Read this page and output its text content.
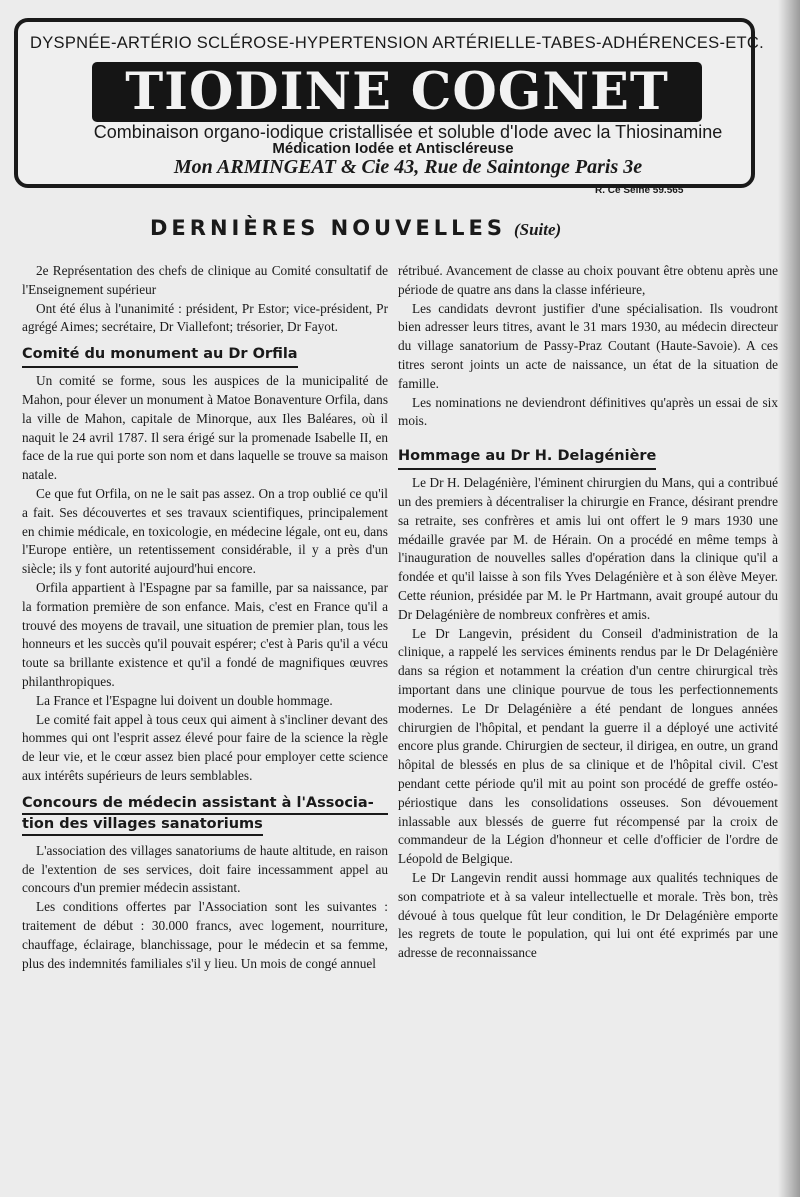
DYSPNÉE-ARTÉRIO SCLÉROSE-HYPERTENSION ARTÉRIELLE-TABES-ADHÉRENCES-ETC.
TIODINE COGNET
Combinaison organo-iodique cristallisée et soluble d'Iode avec la Thiosinamine
Médication Iodée et Antiscléreuse
Mon ARMINGEAT & Cie 43, Rue de Saintonge Paris 3e
R. Ce Seine 59.565
DERNIÈRES NOUVELLES (Suite)

2e Représentation des chefs de clinique au Comité consultatif de l'Enseignement supérieur

Ont été élus à l'unanimité : président, Pr Estor; vice-président, Pr agrégé Aimes; secrétaire, Dr Viallefont; trésorier, Dr Fayot.

Comité du monument au Dr Orfila

Un comité se forme, sous les auspices de la municipalité de Mahon, pour élever un monument à Matoe Bonaventure Orfila, dans la ville de Mahon, capitale de Minorque, aux Iles Baléares, où il naquit le 24 avril 1787. Il sera érigé sur la promenade Isabelle II, en face de la rue qui porte son nom et dans laquelle se trouve sa maison natale.

Ce que fut Orfila, on ne le sait pas assez. On a trop oublié ce qu'il a fait. Ses découvertes et ses travaux scientifiques, principalement en chimie médicale, en toxicologie, en médecine légale, ont eu, dans l'Europe entière, un retentissement considérable, il y a près d'un siècle; ils y font autorité aujourd'hui encore.

Orfila appartient à l'Espagne par sa famille, par sa naissance, par la formation première de son enfance. Mais, c'est en France qu'il a trouvé des moyens de travail, une situation de premier plan, tous les honneurs et les succès qu'il pouvait espérer; c'est à Paris qu'il a vécu toute sa brillante existence et qu'il a fondé de magnifiques œuvres philanthropiques.

La France et l'Espagne lui doivent un double hommage.

Le comité fait appel à tous ceux qui aiment à s'incliner devant des hommes qui ont l'esprit assez élevé pour faire de la science la règle de leur vie, et le cœur assez bien placé pour employer cette science aux intérêts supérieurs de leurs semblables.

Concours de médecin assistant à l'Associa-
tion des villages sanatoriums

L'association des villages sanatoriums de haute altitude, en raison de l'extention de ses services, doit faire incessamment appel au concours d'un premier médecin assistant.

Les conditions offertes par l'Association sont les suivantes : traitement de début : 30.000 francs, avec logement, nourriture, chauffage, éclairage, blanchissage, pour le médecin et sa femme, plus des indemnités familiales s'il y lieu. Un mois de congé annuel

rétribué. Avancement de classe au choix pouvant être obtenu après une période de quatre ans dans la classe inférieure,

Les candidats devront justifier d'une spécialisation. Ils voudront bien adresser leurs titres, avant le 31 mars 1930, au médecin directeur du village sanatorium de Passy-Praz Coutant (Haute-Savoie). A ces titres seront joints un acte de naissance, un état de la situation de famille.

Les nominations ne deviendront définitives qu'après un essai de six mois.

Hommage au Dr H. Delagénière

Le Dr H. Delagénière, l'éminent chirurgien du Mans, qui a contribué un des premiers à décentraliser la chirurgie en France, désirant prendre sa retraite, ses confrères et amis lui ont offert le 9 mars 1930 une médaille gravée par M. de Hérain. On a procédé en même temps à l'inauguration de nouvelles salles d'opération dans la clinique qu'il a fondée et qu'il laisse à son fils Yves Delagénière et à son élève Meyer. Cette réunion, présidée par M. le Pr Hartmann, avait groupé autour du Dr Delagénière de nombreux confrères et amis.

Le Dr Langevin, président du Conseil d'administration de la clinique, a rappelé les services éminents rendus par le Dr Delagénière dans sa région et notamment la création d'un centre chirurgical très important dans une clinique pourvue de tous les perfectionnements modernes. Le Dr Delagénière a été pendant de longues années chirurgien de l'hôpital, et pendant la guerre il a déployé une activité encore plus grande. Chirurgien de secteur, il dirigea, en outre, un grand hôpital de blessés en plus de sa clinique et de l'hôpital civil. C'est pendant cette période qu'il mit au point son procédé de greffe ostéo-périostique dans les consolidations osseuses. Son dévouement inlassable aux blessés de guerre fut récompensé par la croix de commandeur de la Légion d'honneur et celle d'officier de l'ordre de Léopold de Belgique.

Le Dr Langevin rendit aussi hommage aux qualités techniques de son compatriote et à sa valeur intellectuelle et morale. Très bon, très dévoué à tous quelque fût leur condition, le Dr Delagénière emporte les regrets de toute le population, qui lui ont été exprimés par une adresse de reconnaissance
